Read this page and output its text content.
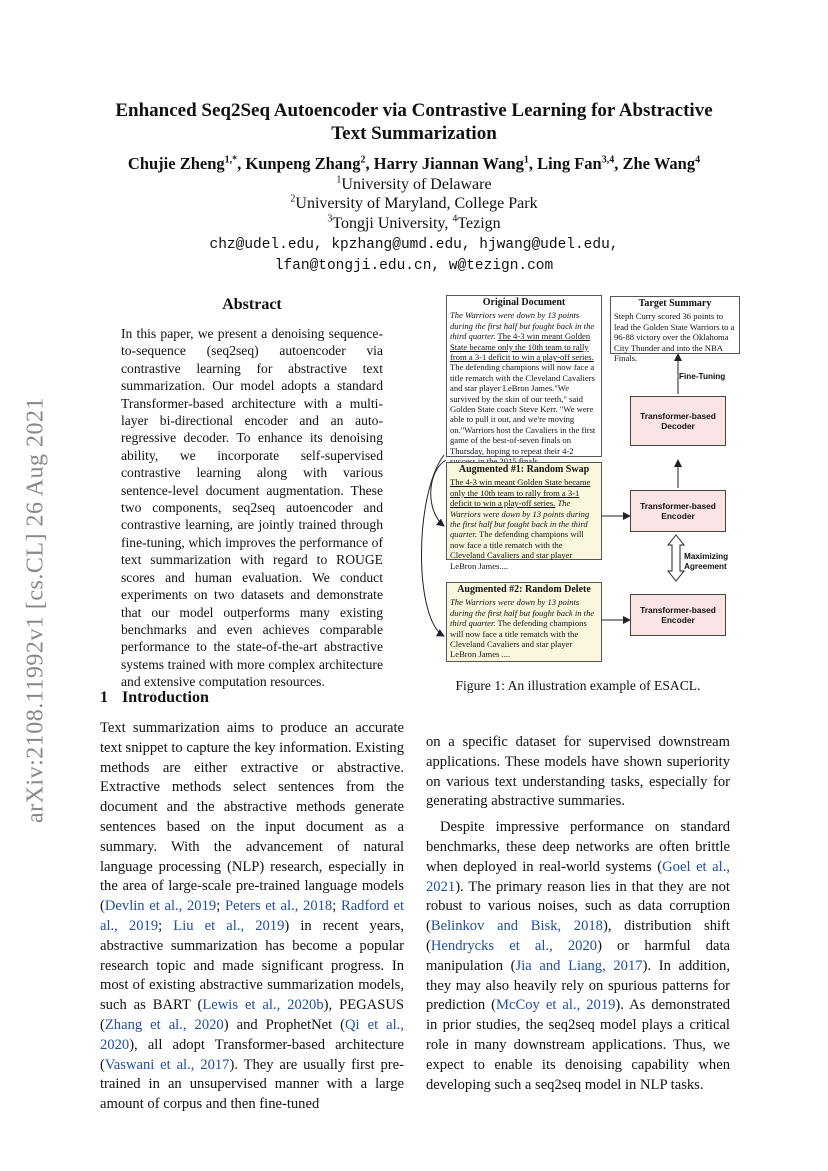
Enhanced Seq2Seq Autoencoder via Contrastive Learning for Abstractive
Text Summarization
Chujie Zheng$^{1,*}$, Kunpeng Zhang$^2$, Harry Jiannan Wang$^1$, Ling Fan$^{3,4}$, Zhe Wang$^4$
$^1$University of Delaware
$^2$University of Maryland, College Park
$^3$Tongji University, $^4$Tezign
chz@udel.edu, kpzhang@umd.edu, hjwang@udel.edu,
lfan@tongji.edu.cn, w@tezign.com
arXiv:2108.11992v1 [cs.CL] 26 Aug 2021
Abstract
In this paper, we present a denoising sequence-to-sequence (seq2seq) autoencoder via contrastive learning for abstractive text summarization. Our model adopts a standard Transformer-based architecture with a multi-layer bi-directional encoder and an auto-regressive decoder. To enhance its denoising ability, we incorporate self-supervised contrastive learning along with various sentence-level document augmentation. These two components, seq2seq autoencoder and contrastive learning, are jointly trained through fine-tuning, which improves the performance of text summarization with regard to ROUGE scores and human evaluation. We conduct experiments on two datasets and demonstrate that our model outperforms many existing benchmarks and even achieves comparable performance to the state-of-the-art abstractive systems trained with more complex architecture and extensive computation resources.
1 Introduction
Text summarization aims to produce an accurate text snippet to capture the key information. Existing methods are either extractive or abstractive. Extractive methods select sentences from the document and the abstractive methods generate sentences based on the input document as a summary. With the advancement of natural language processing (NLP) research, especially in the area of large-scale pre-trained language models (Devlin et al., 2019; Peters et al., 2018; Radford et al., 2019; Liu et al., 2019) in recent years, abstractive summarization has become a popular research topic and made significant progress. In most of existing abstractive summarization models, such as BART (Lewis et al., 2020b), PEGASUS (Zhang et al., 2020) and ProphetNet (Qi et al., 2020), all adopt Transformer-based architecture (Vaswani et al., 2017). They are usually first pre-trained in an unsupervised manner with a large amount of corpus and then fine-tuned

on a specific dataset for supervised downstream applications. These models have shown superiority on various text understanding tasks, especially for generating abstractive summaries.

Despite impressive performance on standard benchmarks, these deep networks are often brittle when deployed in real-world systems (Goel et al., 2021). The primary reason lies in that they are not robust to various noises, such as data corruption (Belinkov and Bisk, 2018), distribution shift (Hendrycks et al., 2020) or harmful data manipulation (Jia and Liang, 2017). In addition, they may also heavily rely on spurious patterns for prediction (McCoy et al., 2019). As demonstrated in prior studies, the seq2seq model plays a critical role in many downstream applications. Thus, we expect to enable its denoising capability when developing such a seq2seq model in NLP tasks.

Original Document
The Warriors were down by 13 points during the first half but fought back in the third quarter. The 4-3 win meant Golden State became only the 10th team to rally from a 3-1 deficit to win a play-off series. The defending champions will now face a title rematch with the Cleveland Cavaliers and star player LeBron James."We survived by the skin of our teeth," said Golden State coach Steve Kerr. "We were able to pull it out, and we're moving on."Warriors host the Cavaliers in the first game of the best-of-seven finals on Thursday, hoping to repeat their 4-2
Augmented #1: Random Swap
The 4-3 win meant Golden State became only the 10th team to rally from a 3-1 deficit to win a play-off series. The Warriors were down by 13 points during the first half but fought back in the third quarter. The defending champions will now face a title rematch with the Cleveland Cavaliers and star player LeBron James....
Augmented #2: Random Delete
The Warriors were down by 13 points during the first half but fought back in the third quarter. The defending champions will now face a title rematch with the Cleveland Cavaliers and star player LeBron James ....
Target Summary
Steph Curry scored 36 points to lead the Golden State Warriors to a 96-88 victory over the Oklahoma City Thunder and into the NBA Finals.
Fine-Tuning
Transformer-based Decoder
Transformer-based Encoder
Transformer-based Encoder
Maximizing Agreement
Figure 1: An illustration example of ESACL.
